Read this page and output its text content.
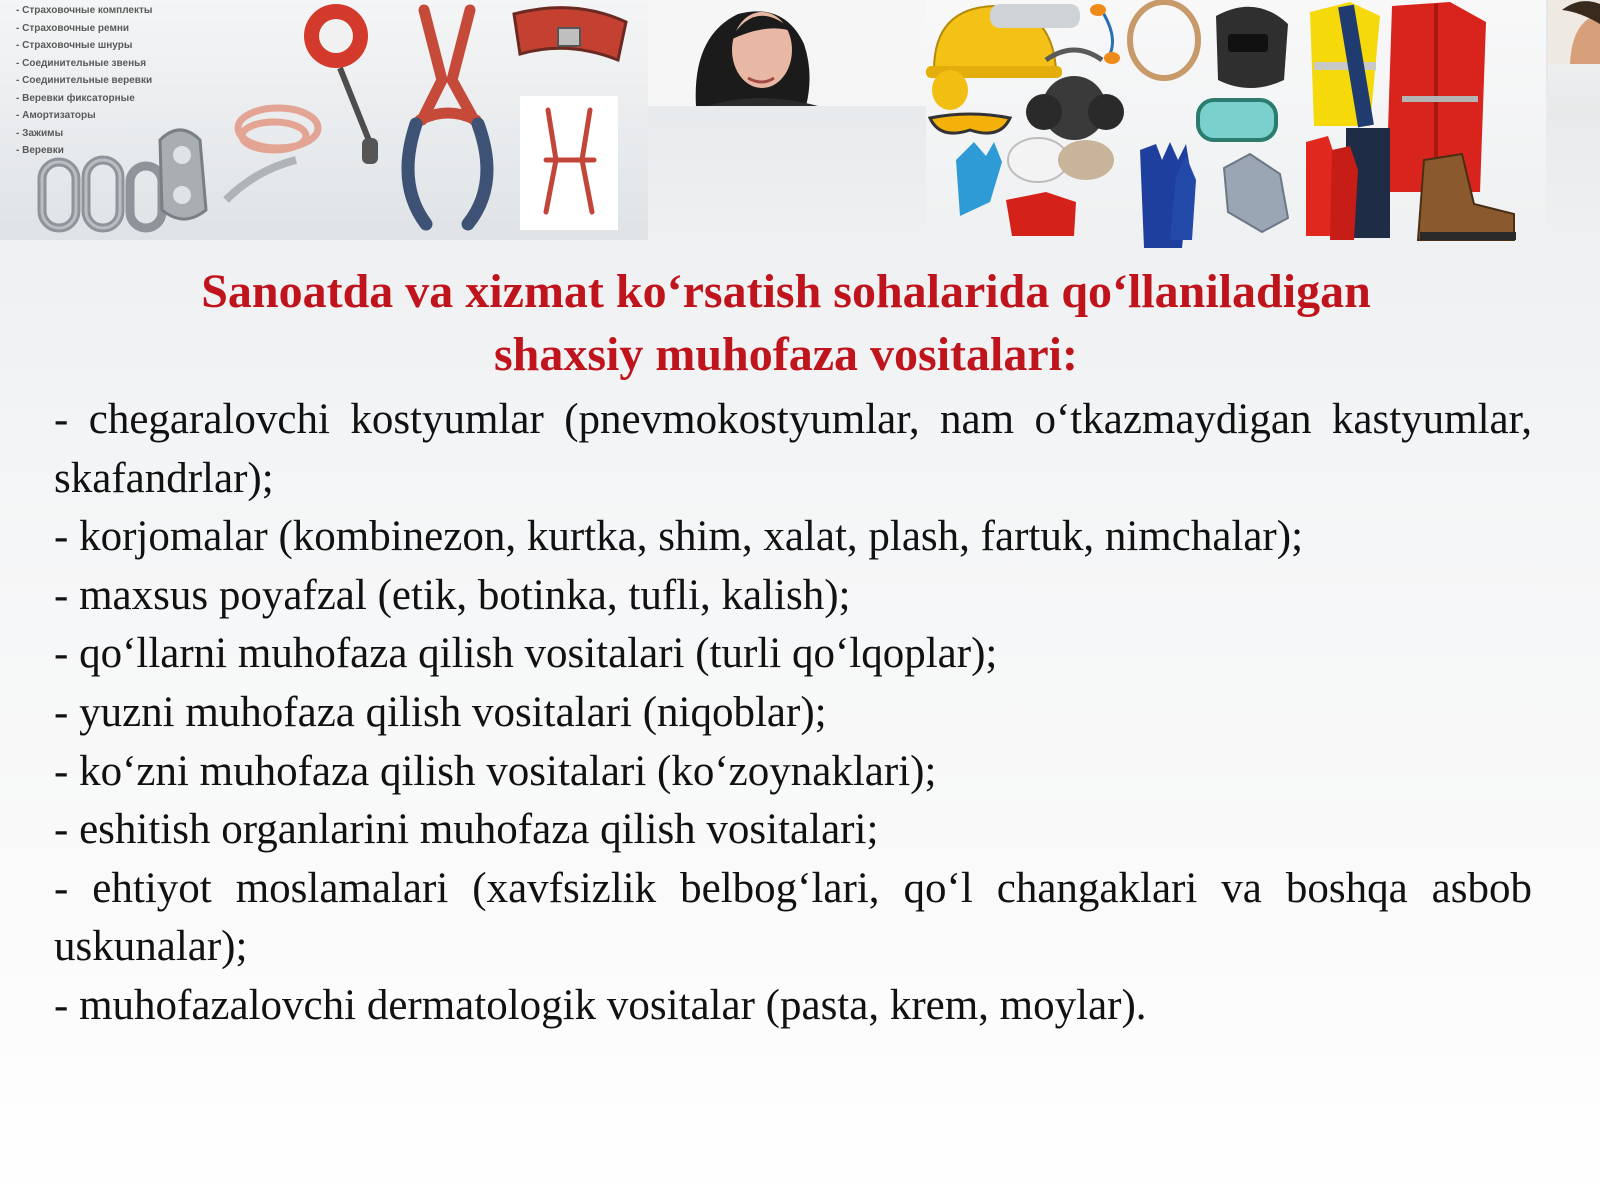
- Страховочные комплекты
- Страховочные ремни
- Страховочные шнуры
- Соединительные звенья
- Соединительные веревки
- Веревки фиксаторные
- Амортизаторы
- Зажимы
- Веревки
Sanoatda va xizmat ko‘rsatish sohalarida qo‘llaniladigan
shaxsiy muhofaza vositalari:
- chegaralovchi kostyumlar (pnevmokostyumlar, nam o‘tkazmaydigan kastyumlar, skafandrlar);
- korjomalar (kombinezon, kurtka, shim, xalat, plash, fartuk, nimchalar);
- maxsus poyafzal (etik, botinka, tufli, kalish);
- qo‘llarni muhofaza qilish vositalari (turli qo‘lqoplar);
- yuzni muhofaza qilish vositalari (niqoblar);
- ko‘zni muhofaza qilish vositalari (ko‘zoynaklari);
- eshitish organlarini muhofaza qilish vositalari;
- ehtiyot moslamalari (xavfsizlik belbog‘lari, qo‘l changaklari va boshqa asbob uskunalar);
- muhofazalovchi dermatologik vositalar (pasta, krem, moylar).
